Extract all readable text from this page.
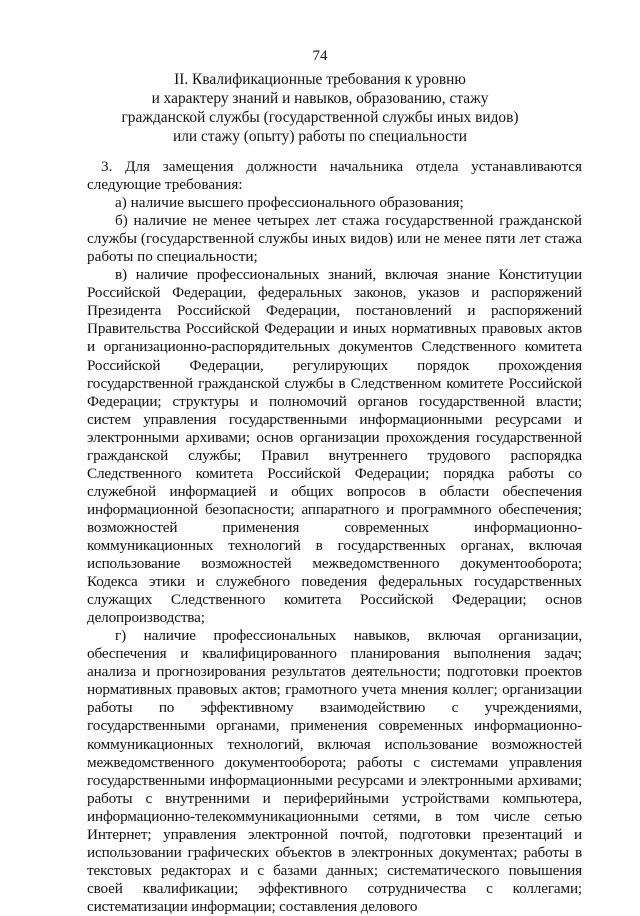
74
II. Квалификационные требования к уровню
и характеру знаний и навыков, образованию, стажу
гражданской службы (государственной службы иных видов)
или стажу (опыту) работы по специальности

3. Для замещения должности начальника отдела устанавливаются следующие требования:

а) наличие высшего профессионального образования;

б) наличие не менее четырех лет стажа государственной гражданской службы (государственной службы иных видов) или не менее пяти лет стажа работы по специальности;

в) наличие профессиональных знаний, включая знание Конституции Российской Федерации, федеральных законов, указов и распоряжений Президента Российской Федерации, постановлений и распоряжений Правительства Российской Федерации и иных нормативных правовых актов и организационно-распорядительных документов Следственного комитета Российской Федерации, регулирующих порядок прохождения государственной гражданской службы в Следственном комитете Российской Федерации; структуры и полномочий органов государственной власти; систем управления государственными информационными ресурсами и электронными архивами; основ организации прохождения государственной гражданской службы; Правил внутреннего трудового распорядка Следственного комитета Российской Федерации; порядка работы со служебной информацией и общих вопросов в области обеспечения информационной безопасности; аппаратного и программного обеспечения; возможностей применения современных информационно-коммуникационных технологий в государственных органах, включая использование возможностей межведомственного документооборота; Кодекса этики и служебного поведения федеральных государственных служащих Следственного комитета Российской Федерации; основ делопроизводства;

г) наличие профессиональных навыков, включая организации, обеспечения и квалифицированного планирования выполнения задач; анализа и прогнозирования результатов деятельности; подготовки проектов нормативных правовых актов; грамотного учета мнения коллег; организации работы по эффективному взаимодействию с учреждениями, государственными органами, применения современных информационно-коммуникационных технологий, включая использование возможностей межведомственного документооборота; работы с системами управления государственными информационными ресурсами и электронными архивами; работы с внутренними и периферийными устройствами компьютера, информационно-телекоммуникационными сетями, в том числе сетью Интернет; управления электронной почтой, подготовки презентаций и использовании графических объектов в электронных документах; работы в текстовых редакторах и с базами данных; систематического повышения своей квалификации; эффективного сотрудничества с коллегами; систематизации информации; составления делового
